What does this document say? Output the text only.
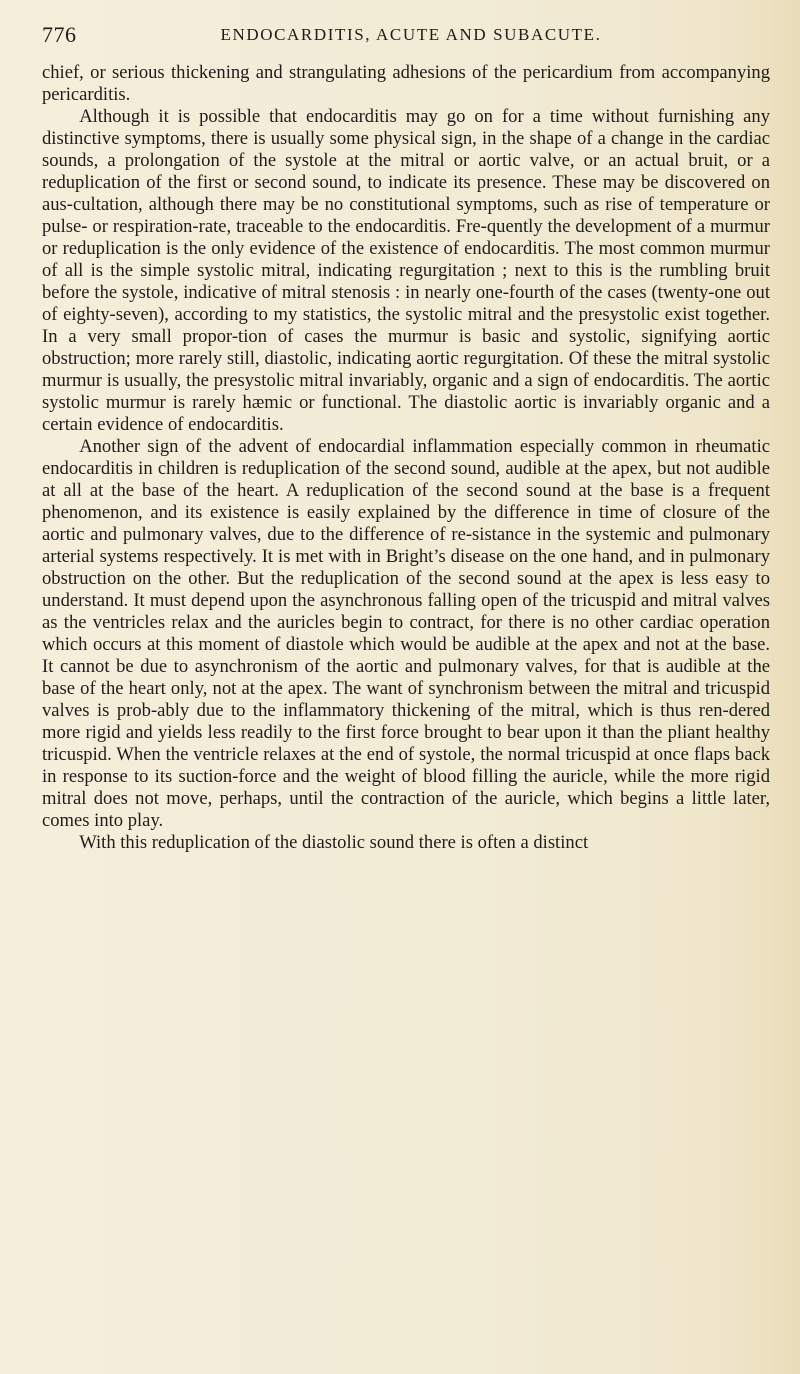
776	ENDOCARDITIS, ACUTE AND SUBACUTE.

chief, or serious thickening and strangulating adhesions of the pericardium from accompanying pericarditis.

Although it is possible that endocarditis may go on for a time without furnishing any distinctive symptoms, there is usually some physical sign, in the shape of a change in the cardiac sounds, a prolongation of the systole at the mitral or aortic valve, or an actual bruit, or a reduplication of the first or second sound, to indicate its presence. These may be discovered on aus-cultation, although there may be no constitutional symptoms, such as rise of temperature or pulse- or respiration-rate, traceable to the endocarditis. Fre-quently the development of a murmur or reduplication is the only evidence of the existence of endocarditis. The most common murmur of all is the simple systolic mitral, indicating regurgitation ; next to this is the rumbling bruit before the systole, indicative of mitral stenosis : in nearly one-fourth of the cases (twenty-one out of eighty-seven), according to my statistics, the systolic mitral and the presystolic exist together. In a very small propor-tion of cases the murmur is basic and systolic, signifying aortic obstruction; more rarely still, diastolic, indicating aortic regurgitation. Of these the mitral systolic murmur is usually, the presystolic mitral invariably, organic and a sign of endocarditis. The aortic systolic murmur is rarely hæmic or functional. The diastolic aortic is invariably organic and a certain evidence of endocarditis.

Another sign of the advent of endocardial inflammation especially common in rheumatic endocarditis in children is reduplication of the second sound, audible at the apex, but not audible at all at the base of the heart. A reduplication of the second sound at the base is a frequent phenomenon, and its existence is easily explained by the difference in time of closure of the aortic and pulmonary valves, due to the difference of re-sistance in the systemic and pulmonary arterial systems respectively. It is met with in Bright’s disease on the one hand, and in pulmonary obstruction on the other. But the reduplication of the second sound at the apex is less easy to understand. It must depend upon the asynchronous falling open of the tricuspid and mitral valves as the ventricles relax and the auricles begin to contract, for there is no other cardiac operation which occurs at this moment of diastole which would be audible at the apex and not at the base. It cannot be due to asynchronism of the aortic and pulmonary valves, for that is audible at the base of the heart only, not at the apex. The want of synchronism between the mitral and tricuspid valves is prob-ably due to the inflammatory thickening of the mitral, which is thus ren-dered more rigid and yields less readily to the first force brought to bear upon it than the pliant healthy tricuspid. When the ventricle relaxes at the end of systole, the normal tricuspid at once flaps back in response to its suction-force and the weight of blood filling the auricle, while the more rigid mitral does not move, perhaps, until the contraction of the auricle, which begins a little later, comes into play.

With this reduplication of the diastolic sound there is often a distinct
